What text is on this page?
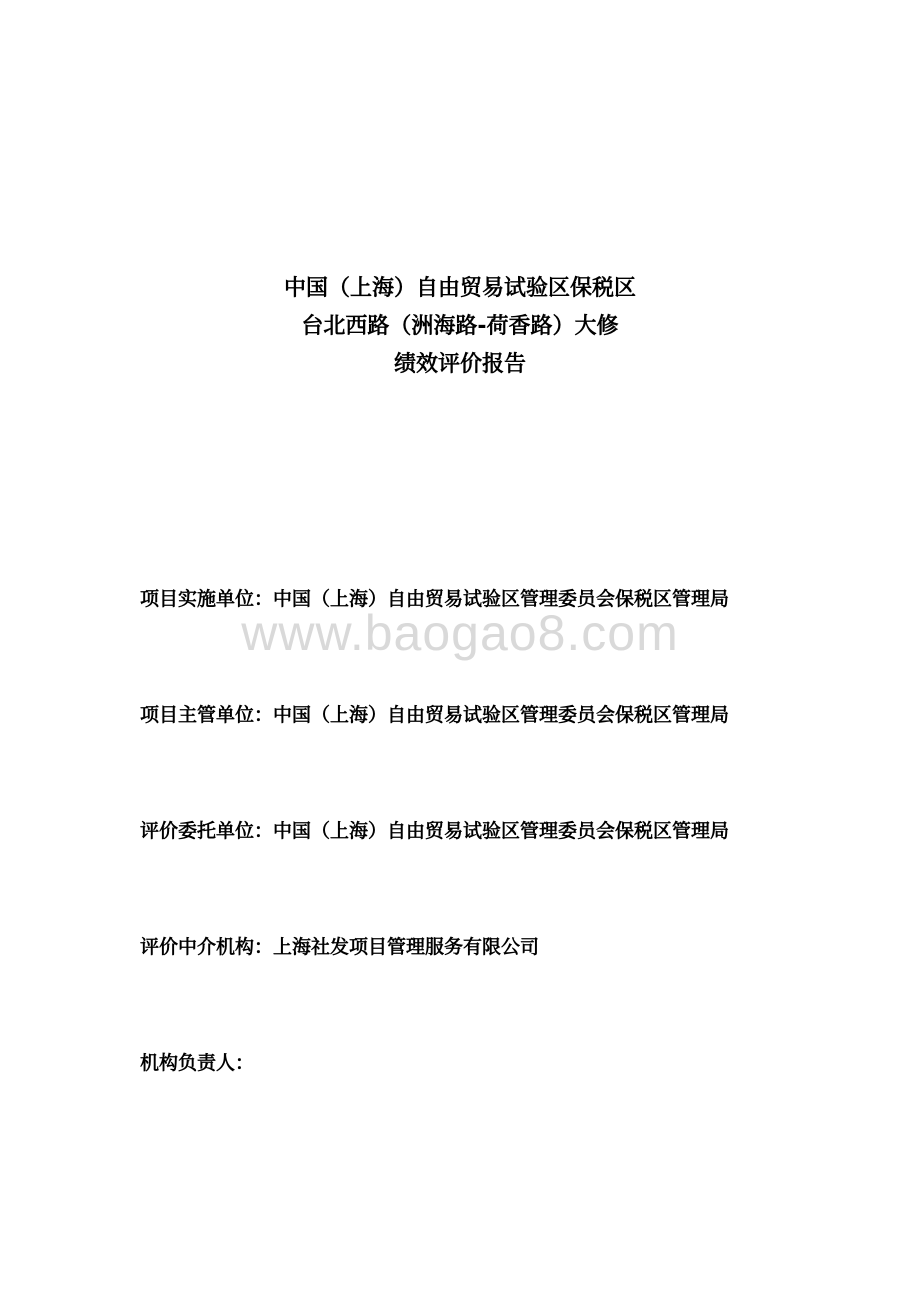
中国（上海）自由贸易试验区保税区
台北西路（洲海路-荷香路）大修
绩效评价报告
www.baogao8.com
项目实施单位：中国（上海）自由贸易试验区管理委员会保税区管理局
项目主管单位：中国（上海）自由贸易试验区管理委员会保税区管理局
评价委托单位：中国（上海）自由贸易试验区管理委员会保税区管理局
评价中介机构：上海社发项目管理服务有限公司
机构负责人：
